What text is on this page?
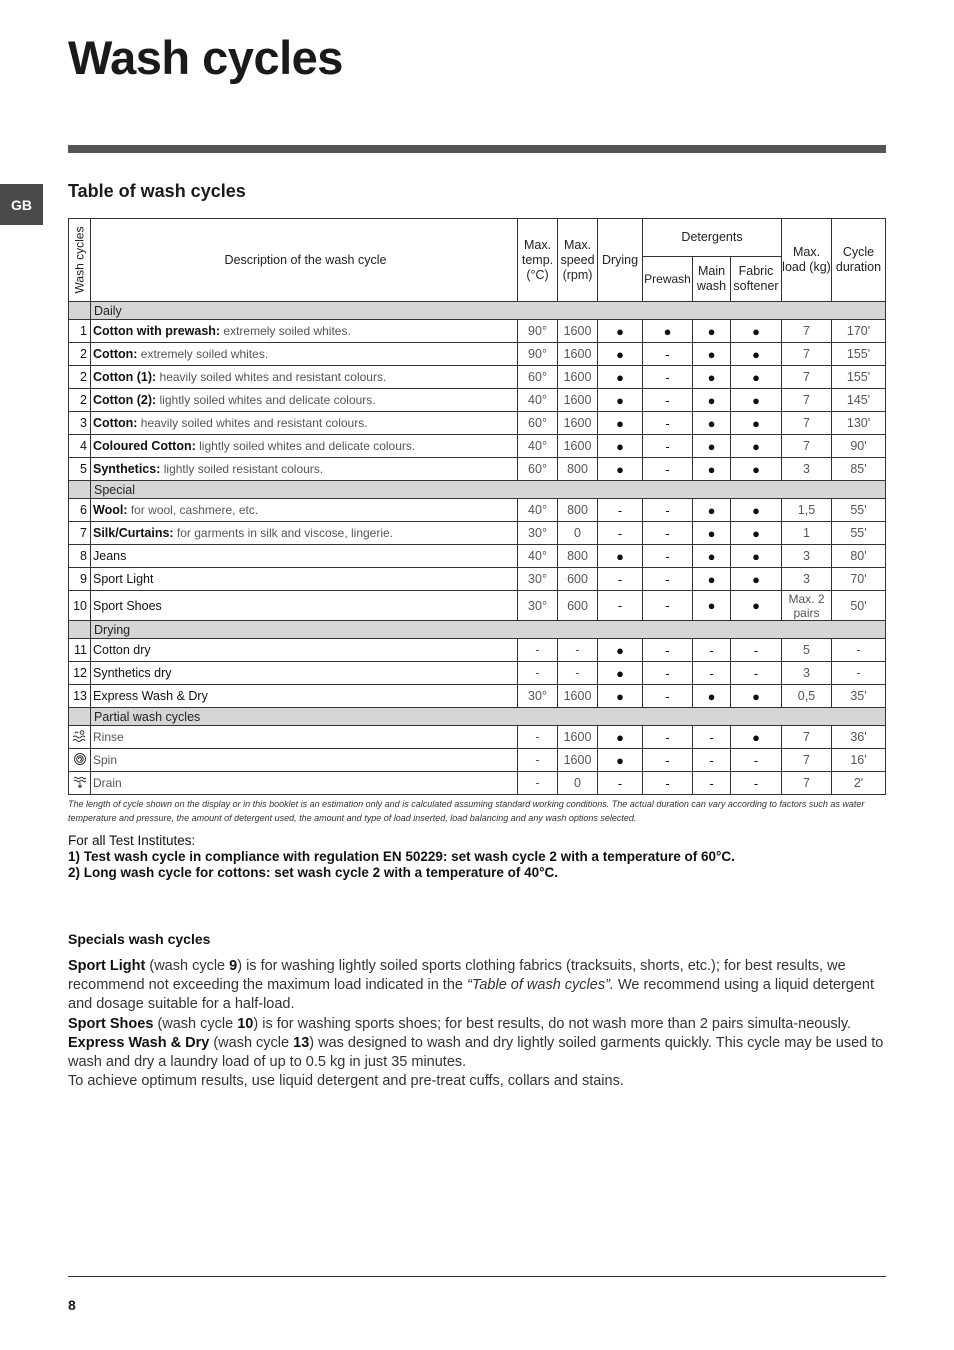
Wash cycles
GB
Table of wash cycles
Wash cycles	Description of the wash cycle	Max. temp. (°C)	Max. speed (rpm)	Drying	Detergents			Max. load (kg)	Cycle duration
					Prewash	Main wash	Fabric softener		
	Daily								
1	Cotton with prewash: extremely soiled whites.	90°	1600	●	●	●	●	7	170'
2	Cotton: extremely soiled whites.	90°	1600	●	-	●	●	7	155'
2	Cotton (1): heavily soiled whites and resistant colours.	60°	1600	●	-	●	●	7	155'
2	Cotton (2): lightly soiled whites and delicate colours.	40°	1600	●	-	●	●	7	145'
3	Cotton: heavily soiled whites and resistant colours.	60°	1600	●	-	●	●	7	130'
4	Coloured Cotton: lightly soiled whites and delicate colours.	40°	1600	●	-	●	●	7	90'
5	Synthetics: lightly soiled resistant colours.	60°	800	●	-	●	●	3	85'
	Special								
6	Wool: for wool, cashmere, etc.	40°	800	-	-	●	●	1,5	55'
7	Silk/Curtains: for garments in silk and viscose, lingerie.	30°	0	-	-	●	●	1	55'
8	Jeans	40°	800	●	-	●	●	3	80'
9	Sport Light	30°	600	-	-	●	●	3	70'
10	Sport Shoes	30°	600	-	-	●	●	Max. 2 pairs	50'
	Drying								
11	Cotton dry	-	-	●	-	-	-	5	-
12	Synthetics dry	-	-	●	-	-	-	3	-
13	Express Wash & Dry	30°	1600	●	-	●	●	0,5	35'
	Partial wash cycles								
	Rinse	-	1600	●	-	-	●	7	36'
	Spin	-	1600	●	-	-	-	7	16'
	Drain	-	0	-	-	-	-	7	2'
The length of cycle shown on the display or in this booklet is an estimation only and is calculated assuming standard working conditions. The actual duration can vary according to factors such as water temperature and pressure, the amount of detergent used, the amount and type of load inserted, load balancing and any wash options selected.

For all Test Institutes:

1) Test wash cycle in compliance with regulation EN 50229: set wash cycle 2 with a temperature of 60°C.

2) Long wash cycle for cottons: set wash cycle 2 with a temperature of 40°C.

Specials wash cycles

Sport Light (wash cycle 9) is for washing lightly soiled sports clothing fabrics (tracksuits, shorts, etc.); for best results, we recommend not exceeding the maximum load indicated in the “Table of wash cycles”. We recommend using a liquid detergent and dosage suitable for a half-load.

Sport Shoes (wash cycle 10) is for washing sports shoes; for best results, do not wash more than 2 pairs simulta-neously.

Express Wash & Dry (wash cycle 13) was designed to wash and dry lightly soiled garments quickly. This cycle may be used to wash and dry a laundry load of up to 0.5 kg in just 35 minutes.

To achieve optimum results, use liquid detergent and pre-treat cuffs, collars and stains.

8
